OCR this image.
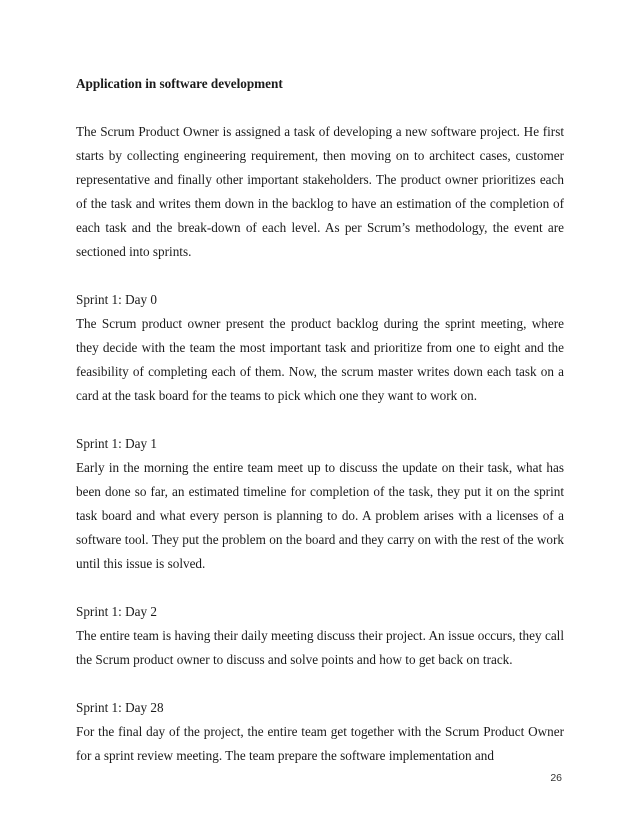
Application in software development

The Scrum Product Owner is assigned a task of developing a new software project. He first starts by collecting engineering requirement, then moving on to architect cases, customer representative and finally other important stakeholders. The product owner prioritizes each of the task and writes them down in the backlog to have an estimation of the completion of each task and the break-down of each level. As per Scrum’s methodology, the event are sectioned into sprints.

Sprint 1: Day 0

The Scrum product owner present the product backlog during the sprint meeting, where they decide with the team the most important task and prioritize from one to eight and the feasibility of completing each of them. Now, the scrum master writes down each task on a card at the task board for the teams to pick which one they want to work on.

Sprint 1: Day 1

Early in the morning the entire team meet up to discuss the update on their task, what has been done so far, an estimated timeline for completion of the task, they put it on the sprint task board and what every person is planning to do. A problem arises with a licenses of a software tool. They put the problem on the board and they carry on with the rest of the work until this issue is solved.

Sprint 1: Day 2

The entire team is having their daily meeting discuss their project. An issue occurs, they call the Scrum product owner to discuss and solve points and how to get back on track.

Sprint 1: Day 28

For the final day of the project, the entire team get together with the Scrum Product Owner for a sprint review meeting. The team prepare the software implementation and

26
